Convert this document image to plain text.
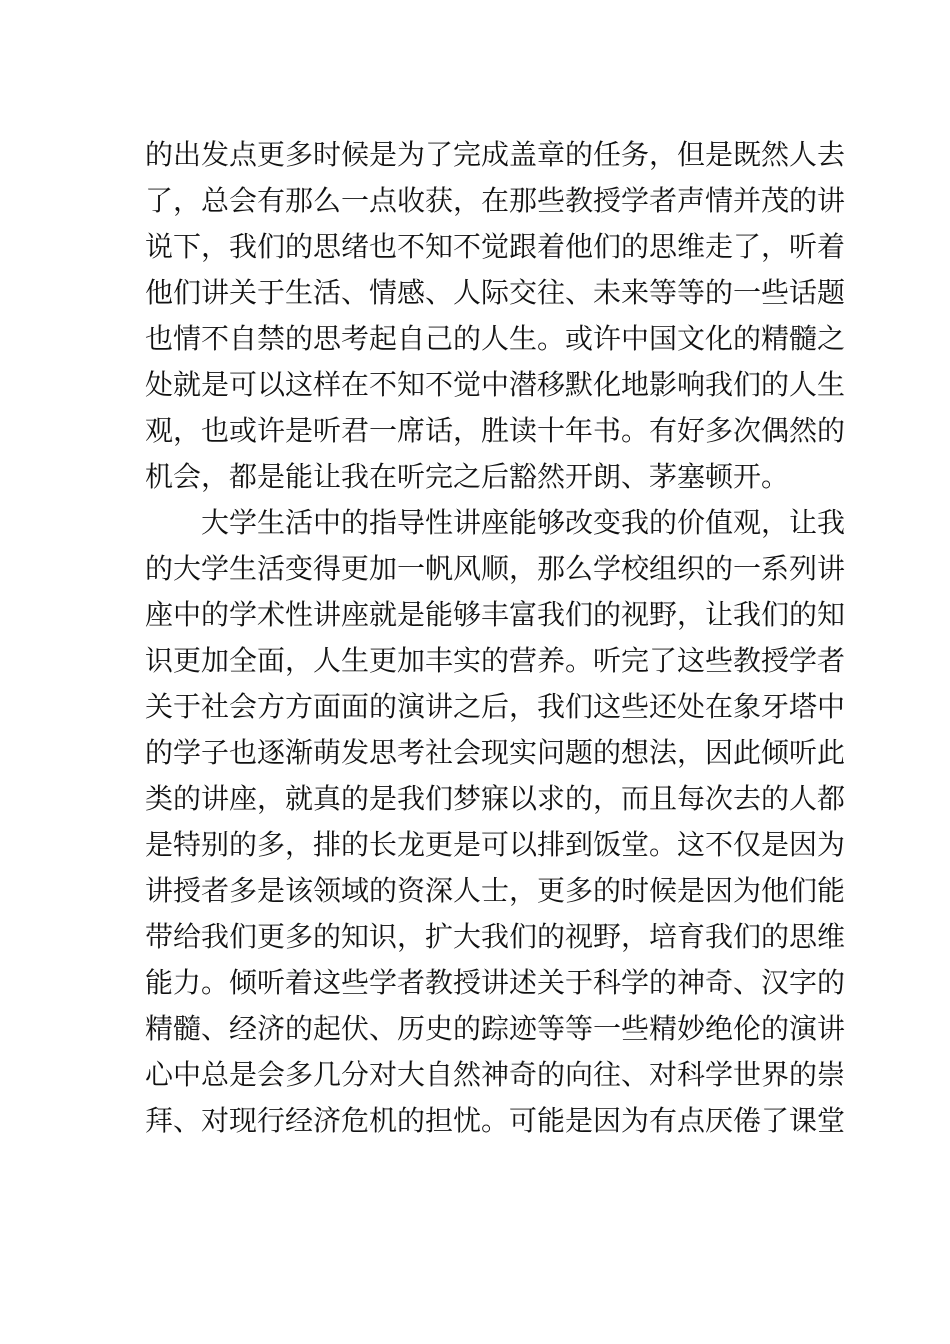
的出发点更多时候是为了完成盖章的任务，但是既然人去

了，总会有那么一点收获，在那些教授学者声情并茂的讲

说下，我们的思绪也不知不觉跟着他们的思维走了，听着

他们讲关于生活、情感、人际交往、未来等等的一些话题

也情不自禁的思考起自己的人生。或许中国文化的精髓之

处就是可以这样在不知不觉中潜移默化地影响我们的人生

观，也或许是听君一席话，胜读十年书。有好多次偶然的

机会，都是能让我在听完之后豁然开朗、茅塞顿开。

大学生活中的指导性讲座能够改变我的价值观，让我

的大学生活变得更加一帆风顺，那么学校组织的一系列讲

座中的学术性讲座就是能够丰富我们的视野，让我们的知

识更加全面，人生更加丰实的营养。听完了这些教授学者

关于社会方方面面的演讲之后，我们这些还处在象牙塔中

的学子也逐渐萌发思考社会现实问题的想法，因此倾听此

类的讲座，就真的是我们梦寐以求的，而且每次去的人都

是特别的多，排的长龙更是可以排到饭堂。这不仅是因为

讲授者多是该领域的资深人士，更多的时候是因为他们能

带给我们更多的知识，扩大我们的视野，培育我们的思维

能力。倾听着这些学者教授讲述关于科学的神奇、汉字的

精髓、经济的起伏、历史的踪迹等等一些精妙绝伦的演讲

心中总是会多几分对大自然神奇的向往、对科学世界的崇

拜、对现行经济危机的担忧。可能是因为有点厌倦了课堂
